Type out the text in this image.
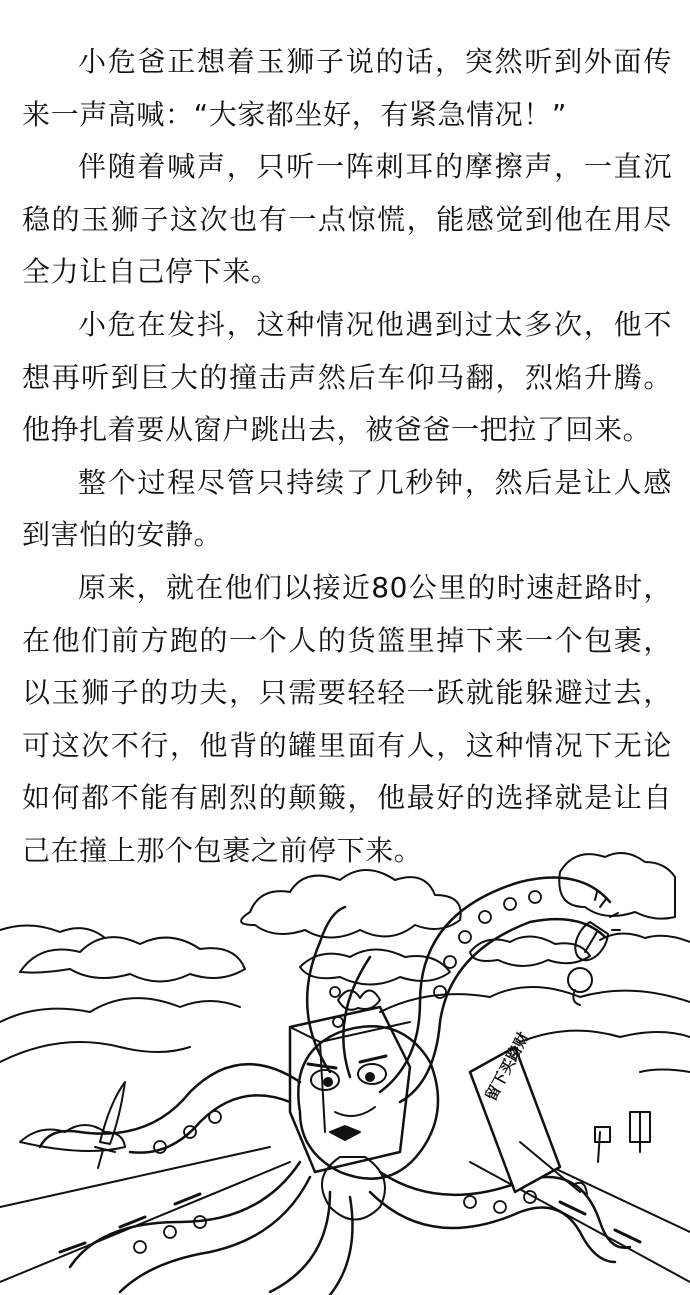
小危爸正想着玉狮子说的话，突然听到外面传来一声高喊：“大家都坐好，有紧急情况！”

伴随着喊声，只听一阵刺耳的摩擦声，一直沉稳的玉狮子这次也有一点惊慌，能感觉到他在用尽全力让自己停下来。

小危在发抖，这种情况他遇到过太多次，他不想再听到巨大的撞击声然后车仰马翻，烈焰升腾。他挣扎着要从窗户跳出去，被爸爸一把拉了回来。

整个过程尽管只持续了几秒钟，然后是让人感到害怕的安静。

原来，就在他们以接近80公里的时速赶路时，在他们前方跑的一个人的货篮里掉下来一个包裹，以玉狮子的功夫，只需要轻轻一跃就能躲避过去，可这次不行，他背的罐里面有人，这种情况下无论如何都不能有剧烈的颠簸，他最好的选择就是让自己在撞上那个包裹之前停下来。

留下买路财
